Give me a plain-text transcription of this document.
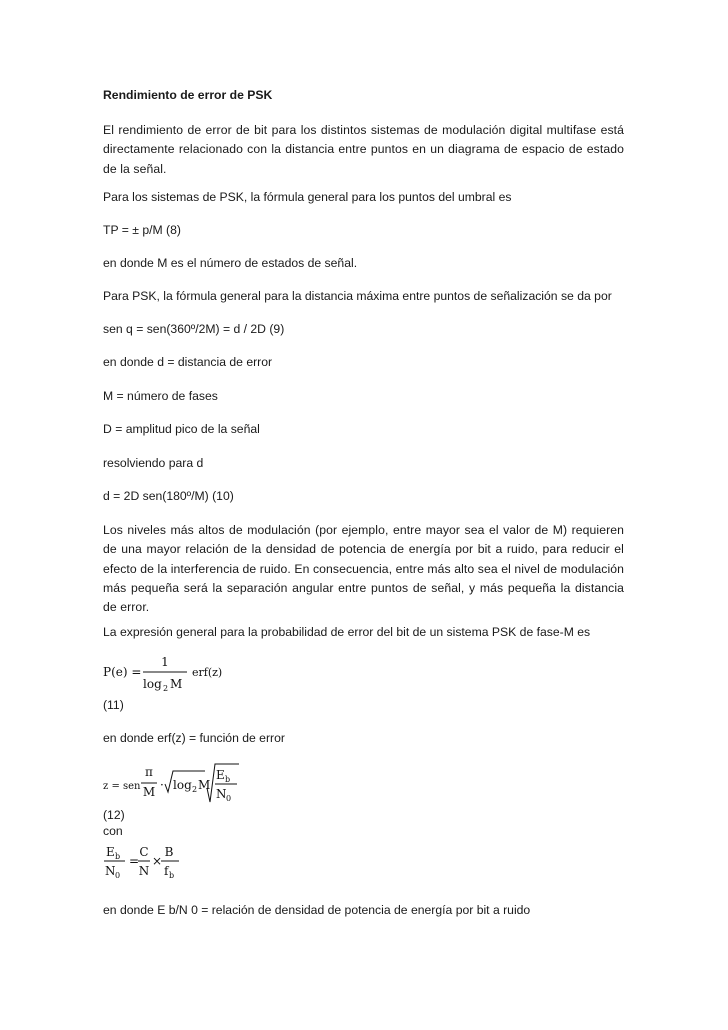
Rendimiento de error de PSK

El rendimiento de error de bit para los distintos sistemas de modulación digital multifase está directamente relacionado con la distancia entre puntos en un diagrama de espacio de estado de la señal.

Para los sistemas de PSK, la fórmula general para los puntos del umbral es

TP = ± p/M (8)

en donde M es el número de estados de señal.

Para PSK, la fórmula general para la distancia máxima entre puntos de señalización se da por

sen q = sen(360º/2M) = d / 2D (9)

en donde d = distancia de error

M = número de fases

D = amplitud pico de la señal

resolviendo para d

d = 2D sen(180º/M) (10)

Los niveles más altos de modulación (por ejemplo, entre mayor sea el valor de M) requieren de una mayor relación de la densidad de potencia de energía por bit a ruido, para reducir el efecto de la interferencia de ruido. En consecuencia, entre más alto sea el nivel de modulación más pequeña será la separación angular entre puntos de señal, y más pequeña la distancia de error.

La expresión general para la probabilidad de error del bit de un sistema PSK de fase-M es

P(e) =
1
log 2 M
erf(z)

(11)

en donde erf(z) = función de error

z = sen
π
M · log 2 M
E b
N 0

(12)

con

E b
N 0
=
C
N
×
B
f b

en donde E b/N 0 = relación de densidad de potencia de energía por bit a ruido
